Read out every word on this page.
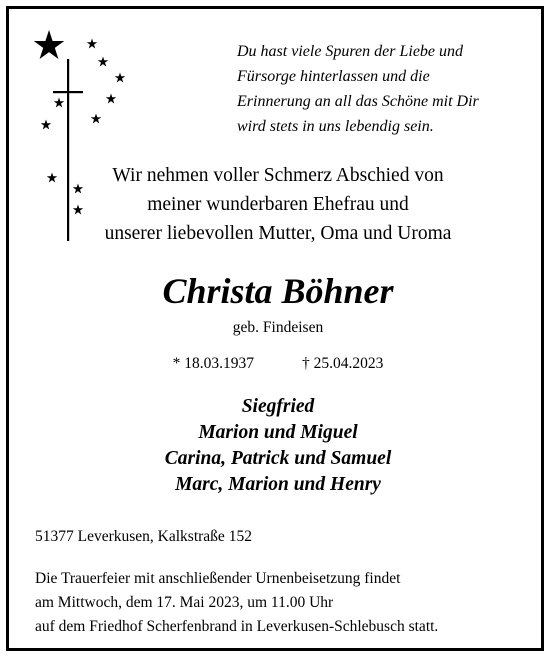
Du hast viele Spuren der Liebe und
Fürsorge hinterlassen und die
Erinnerung an all das Schöne mit Dir
wird stets in uns lebendig sein.
Wir nehmen voller Schmerz Abschied von
meiner wunderbaren Ehefrau und
unserer liebevollen Mutter, Oma und Uroma
Christa Böhner
geb. Findeisen
* 18.03.1937	† 25.04.2023
Siegfried
Marion und Miguel
Carina, Patrick und Samuel
Marc, Marion und Henry
51377 Leverkusen, Kalkstraße 152
Die Trauerfeier mit anschließender Urnenbeisetzung findet
am Mittwoch, dem 17. Mai 2023, um 11.00 Uhr
auf dem Friedhof Scherfenbrand in Leverkusen-Schlebusch statt.
